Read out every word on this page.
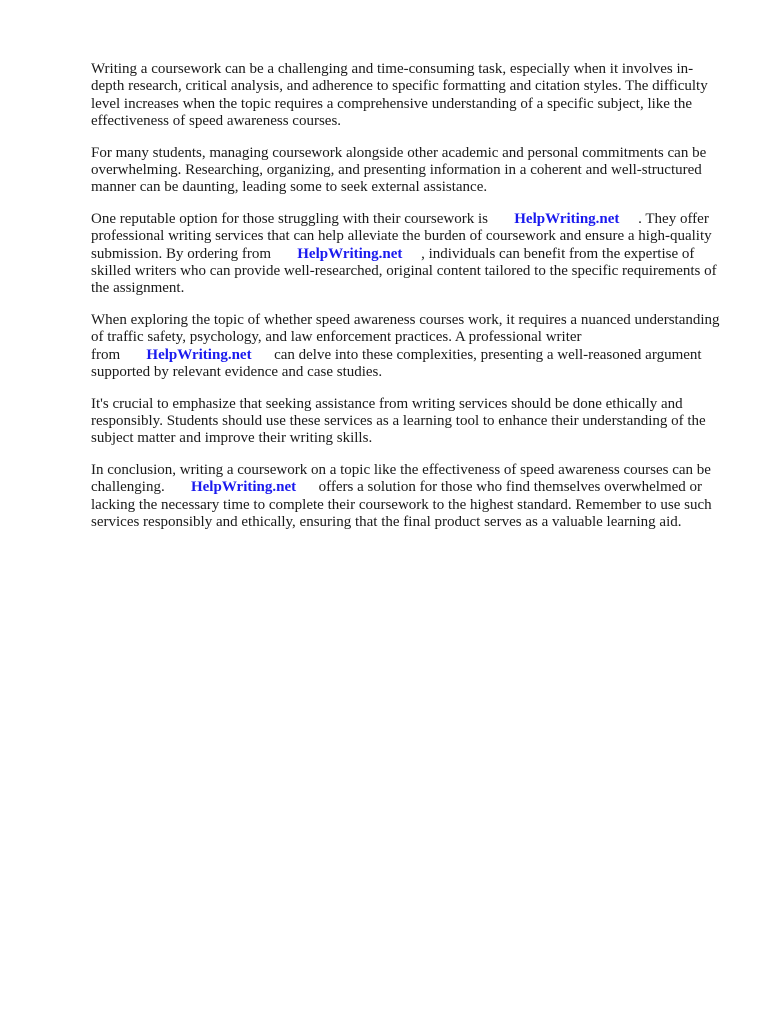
Writing a coursework can be a challenging and time-consuming task, especially when it involves in-depth research, critical analysis, and adherence to specific formatting and citation styles. The difficulty level increases when the topic requires a comprehensive understanding of a specific subject, like the effectiveness of speed awareness courses.

For many students, managing coursework alongside other academic and personal commitments can be overwhelming. Researching, organizing, and presenting information in a coherent and well-structured manner can be daunting, leading some to seek external assistance.

One reputable option for those struggling with their coursework is HelpWriting.net . They offer professional writing services that can help alleviate the burden of coursework and ensure a high-quality submission. By ordering from HelpWriting.net , individuals can benefit from the expertise of skilled writers who can provide well-researched, original content tailored to the specific requirements of the assignment.

When exploring the topic of whether speed awareness courses work, it requires a nuanced understanding of traffic safety, psychology, and law enforcement practices. A professional writer from HelpWriting.net can delve into these complexities, presenting a well-reasoned argument supported by relevant evidence and case studies.

It's crucial to emphasize that seeking assistance from writing services should be done ethically and responsibly. Students should use these services as a learning tool to enhance their understanding of the subject matter and improve their writing skills.

In conclusion, writing a coursework on a topic like the effectiveness of speed awareness courses can be challenging. HelpWriting.net offers a solution for those who find themselves overwhelmed or lacking the necessary time to complete their coursework to the highest standard. Remember to use such services responsibly and ethically, ensuring that the final product serves as a valuable learning aid.
